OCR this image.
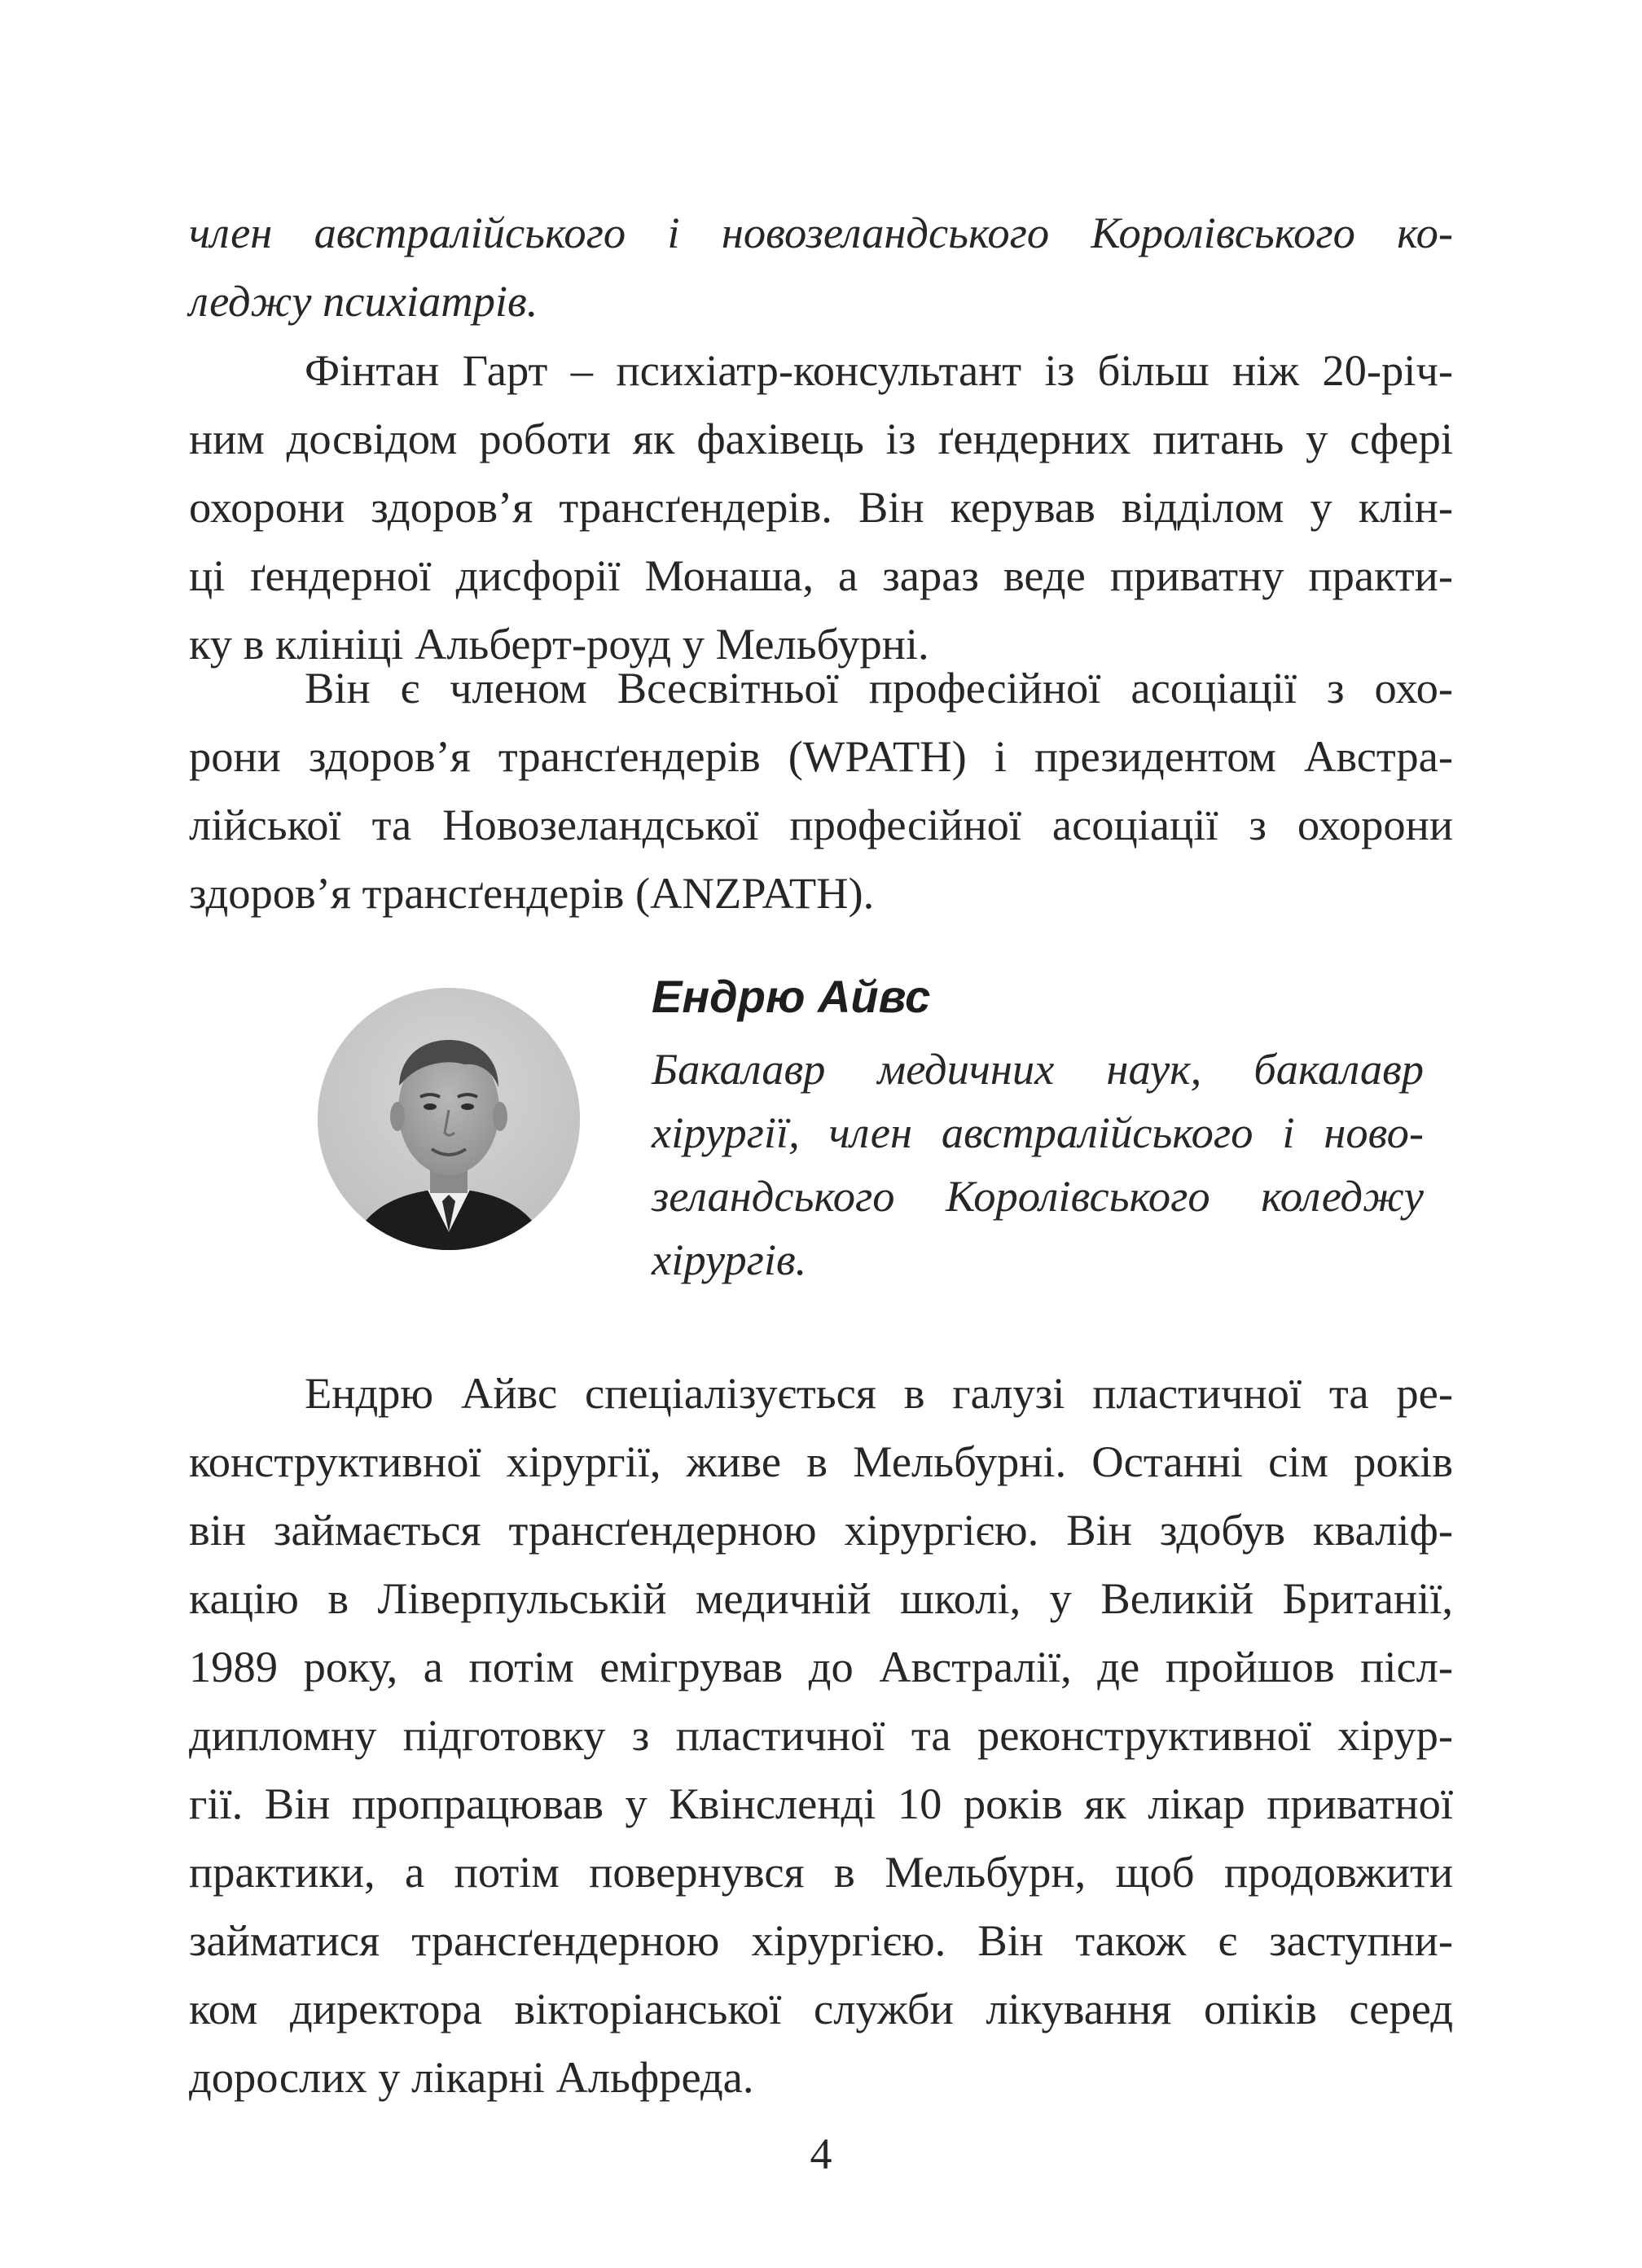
член австралійського і новозеландського Королівського ко-
леджу психіатрів.
Фінтан Гарт – психіатр-консультант із більш ніж 20-річ-
ним досвідом роботи як фахівець із ґендерних питань у сфері
охорони здоров’я трансґендерів. Він керував відділом у клін-
ці ґендерної дисфорії Монаша, а зараз веде приватну практи-
ку в клініці Альберт-роуд у Мельбурні.
Він є членом Всесвітньої професійної асоціації з охо-
рони здоров’я трансґендерів (WPATH) і президентом Австра-
лійської та Новозеландської професійної асоціації з охорони
здоров’я трансґендерів (ANZPATH).
Ендрю Айвс
Бакалавр медичних наук, бакалавр
хірургії, член австралійського і ново-
зеландського Королівського коледжу
хірургів.
Ендрю Айвс спеціалізується в галузі пластичної та ре-
конструктивної хірургії, живе в Мельбурні. Останні сім років
він займається трансґендерною хірургією. Він здобув кваліф-
кацію в Ліверпульській медичній школі, у Великій Британії,
1989 року, а потім емігрував до Австралії, де пройшов післ-
дипломну підготовку з пластичної та реконструктивної хірур-
гії. Він пропрацював у Квінсленді 10 років як лікар приватної
практики, а потім повернувся в Мельбурн, щоб продовжити
займатися трансґендерною хірургією. Він також є заступни-
ком директора вікторіанської служби лікування опіків серед
дорослих у лікарні Альфреда.
4
